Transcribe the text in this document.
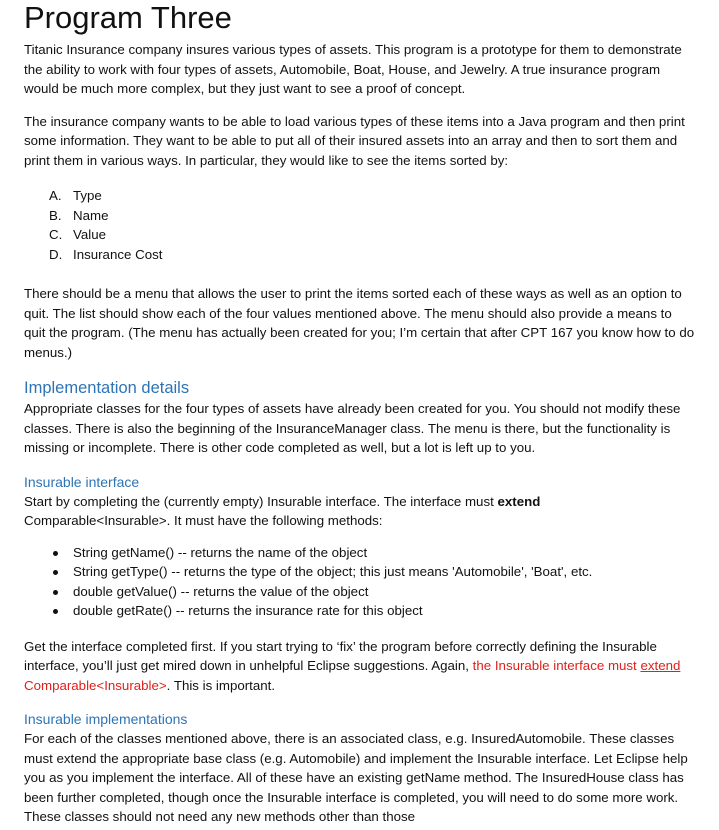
Program Three

Titanic Insurance company insures various types of assets. This program is a prototype for them to demonstrate the ability to work with four types of assets, Automobile, Boat, House, and Jewelry. A true insurance program would be much more complex, but they just want to see a proof of concept.

The insurance company wants to be able to load various types of these items into a Java program and then print some information. They want to be able to put all of their insured assets into an array and then to sort them and print them in various ways. In particular, they would like to see the items sorted by:

A. Type
B. Name
C. Value
D. Insurance Cost

There should be a menu that allows the user to print the items sorted each of these ways as well as an option to quit. The list should show each of the four values mentioned above. The menu should also provide a means to quit the program. (The menu has actually been created for you; I’m certain that after CPT 167 you know how to do menus.)

Implementation details

Appropriate classes for the four types of assets have already been created for you. You should not modify these classes. There is also the beginning of the InsuranceManager class. The menu is there, but the functionality is missing or incomplete. There is other code completed as well, but a lot is left up to you.

Insurable interface

Start by completing the (currently empty) Insurable interface. The interface must extend
Comparable<Insurable>. It must have the following methods:

String getName() -- returns the name of the object
String getType() -- returns the type of the object; this just means 'Automobile', 'Boat', etc.
double getValue() -- returns the value of the object
double getRate() -- returns the insurance rate for this object

Get the interface completed first. If you start trying to ‘fix’ the program before correctly defining the Insurable interface, you’ll just get mired down in unhelpful Eclipse suggestions. Again, the Insurable interface must extend Comparable<Insurable>. This is important.

Insurable implementations

For each of the classes mentioned above, there is an associated class, e.g. InsuredAutomobile. These classes must extend the appropriate base class (e.g. Automobile) and implement the Insurable interface. Let Eclipse help you as you implement the interface. All of these have an existing getName method. The InsuredHouse class has been further completed, though once the Insurable interface is completed, you will need to do some more work. These classes should not need any new methods other than those
